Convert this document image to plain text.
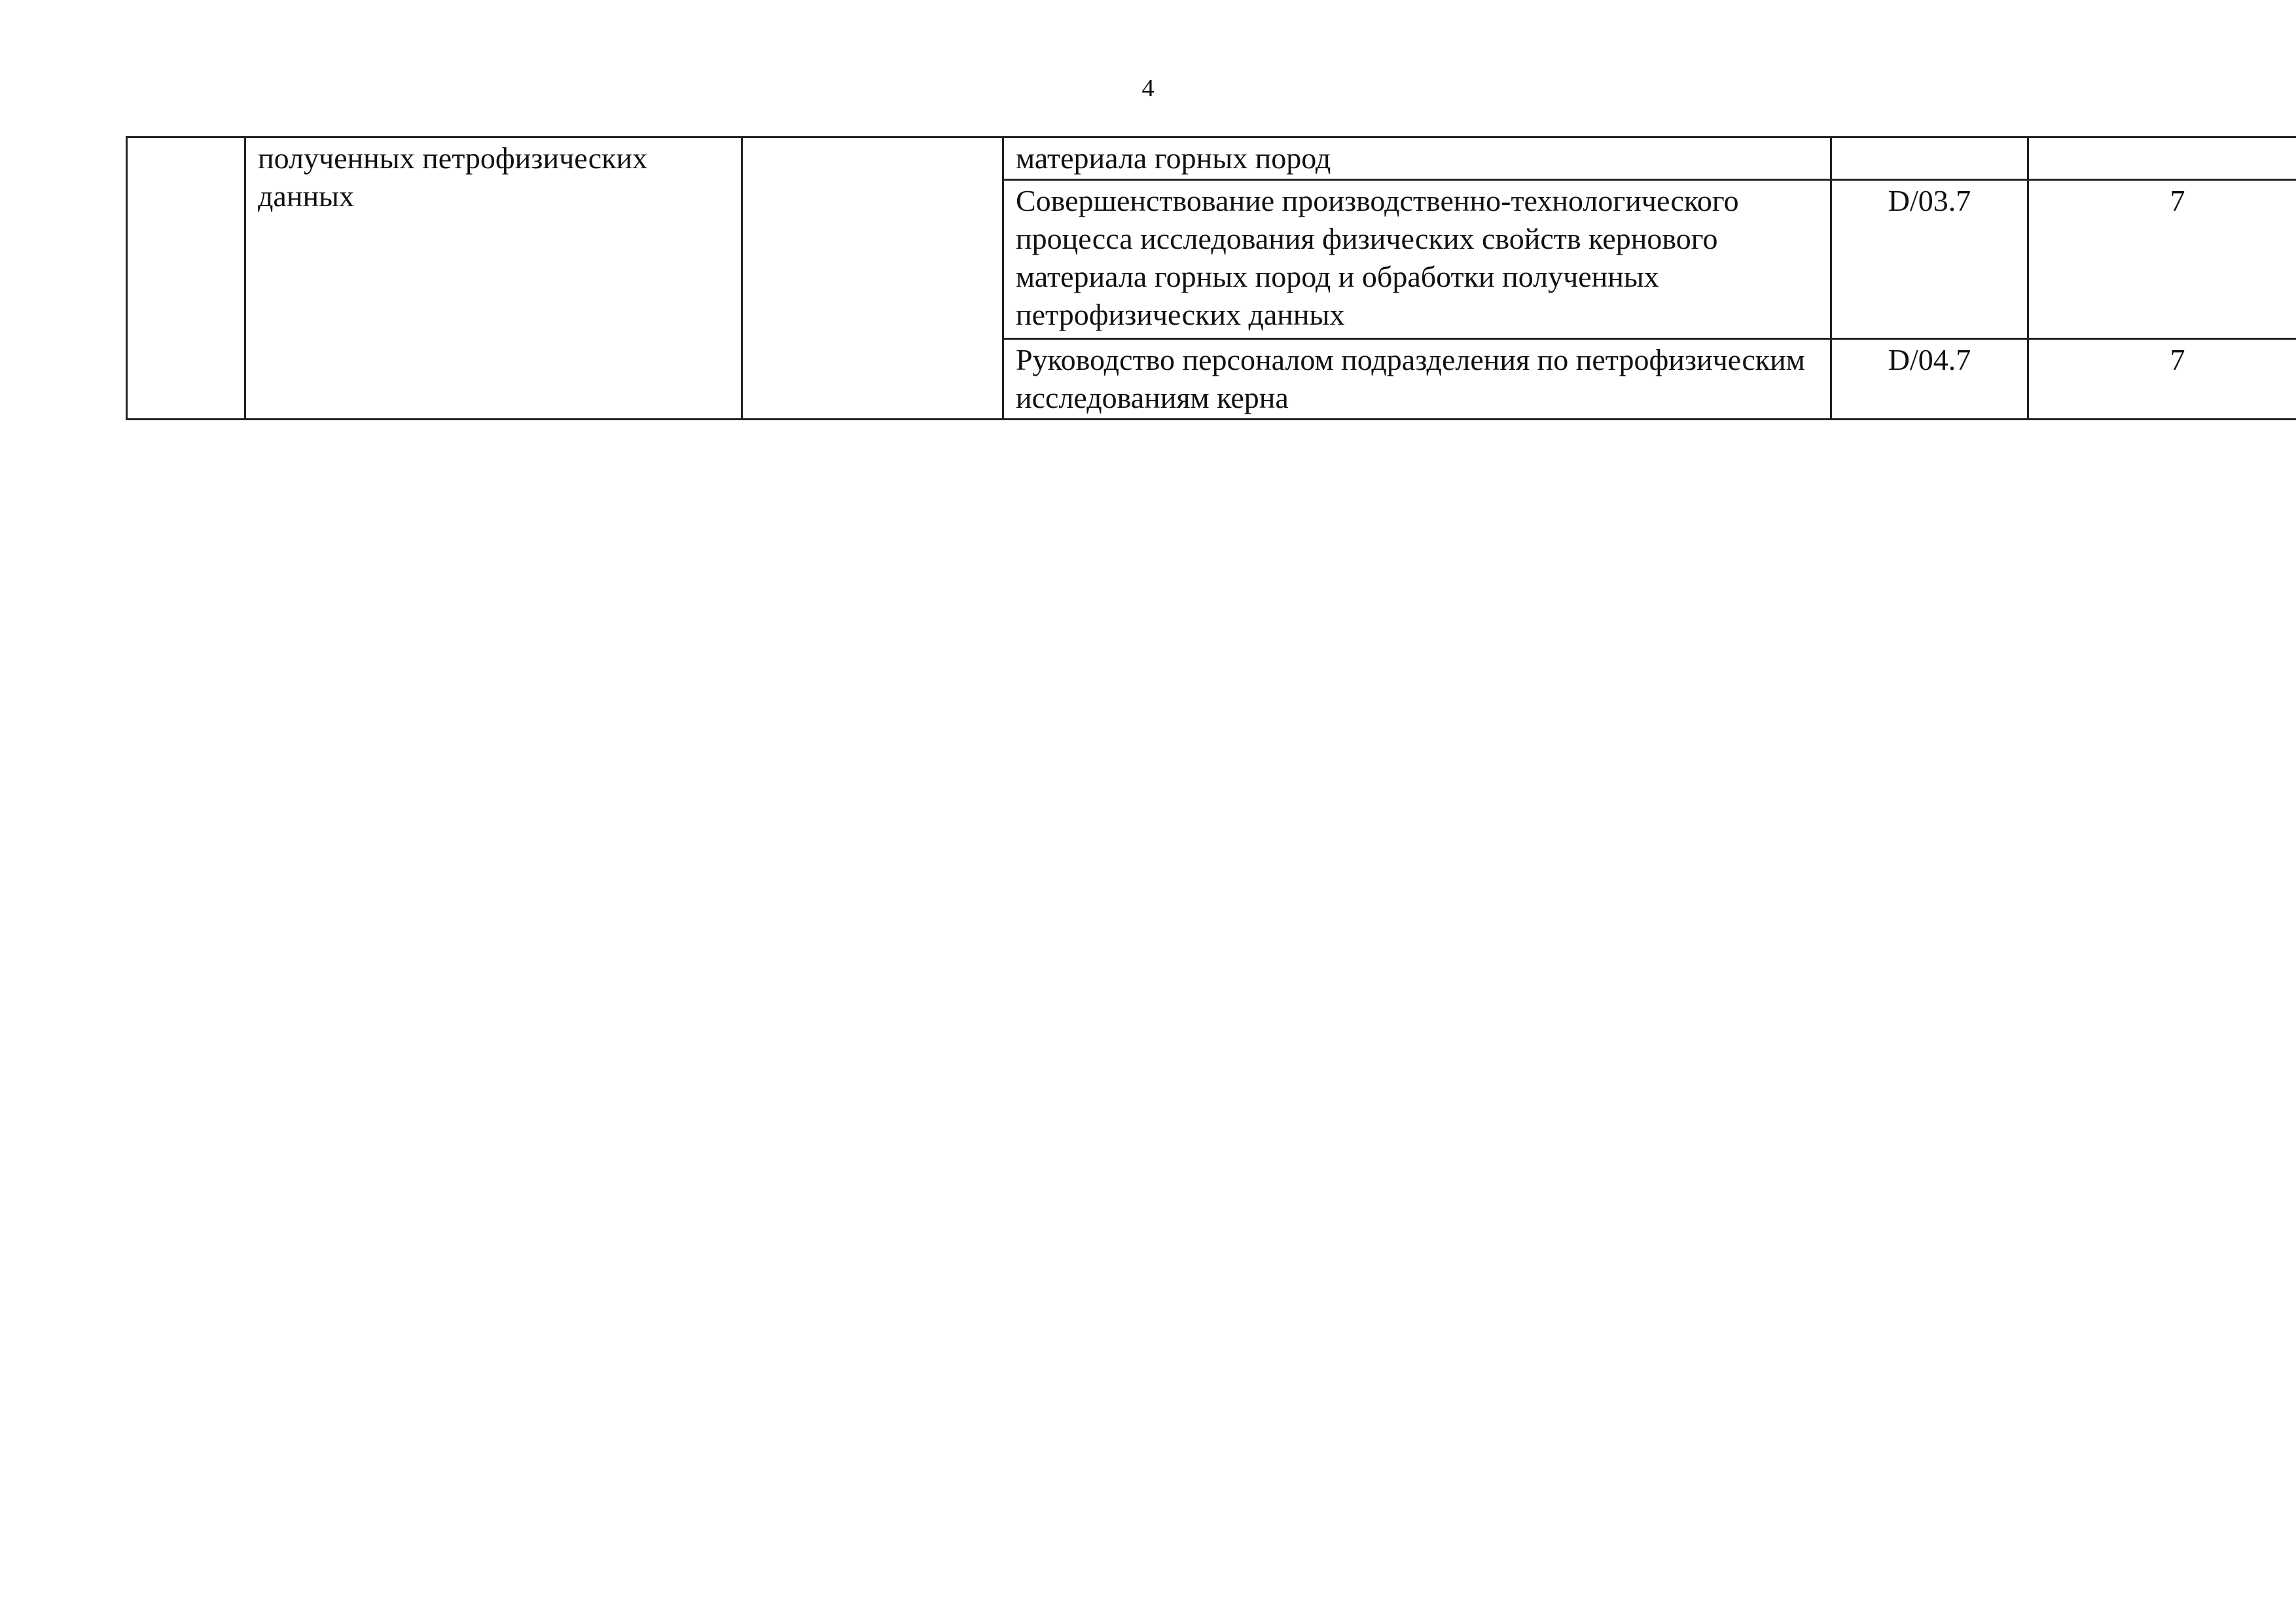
4
	полученных петрофизических данных		материала горных пород		
			Совершенствование производственно-технологического процесса исследования физических свойств кернового материала горных пород и обработки полученных петрофизических данных	D/03.7	7
			Руководство персоналом подразделения по петрофизическим исследованиям керна	D/04.7	7
